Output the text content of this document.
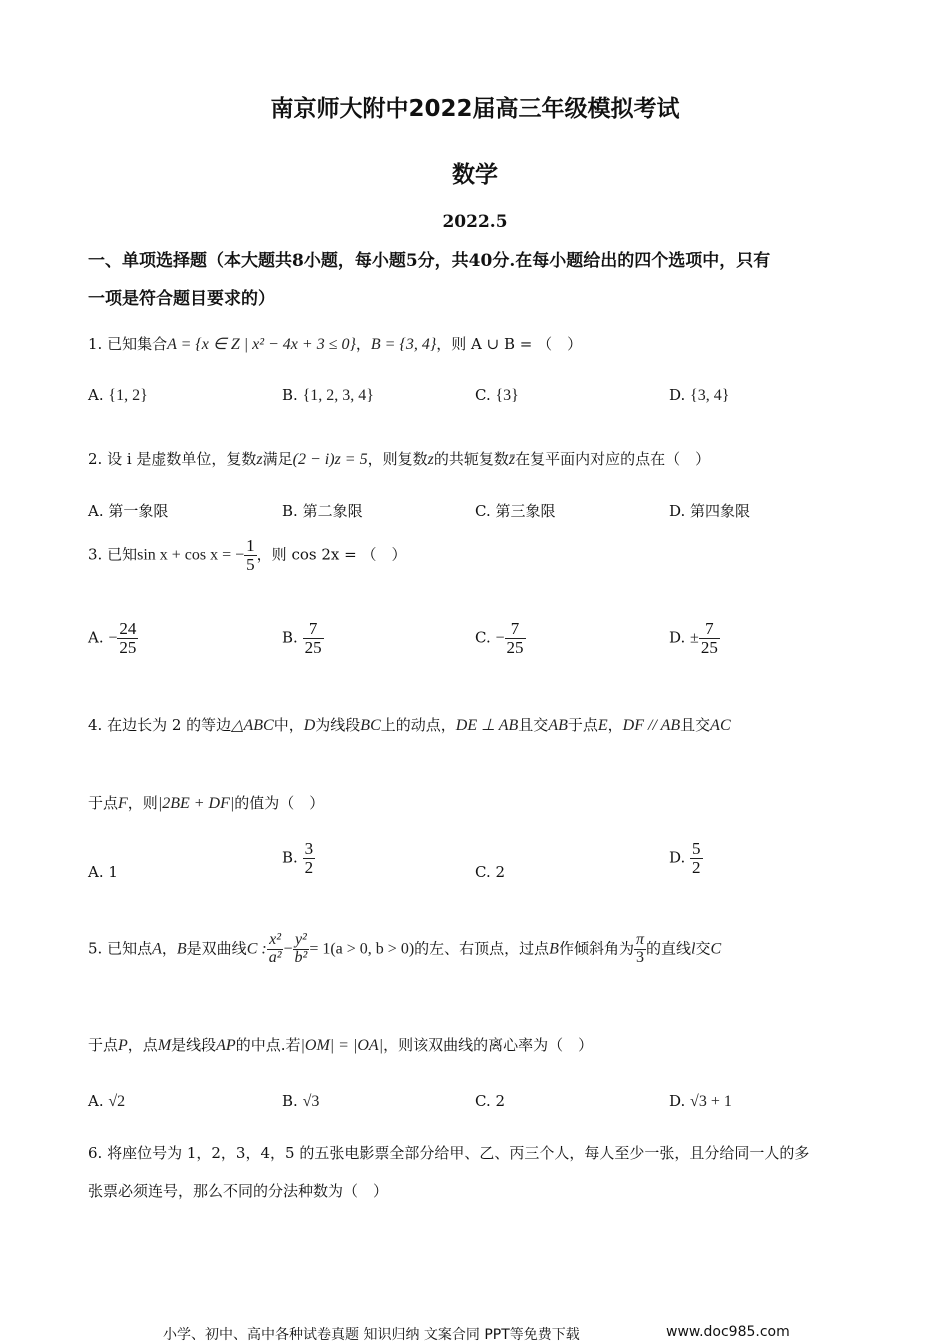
南京师大附中2022届高三年级模拟考试
数学
2022.5
一、单项选择题（本大题共8小题，每小题5分，共40分.在每小题给出的四个选项中，只有
一项是符合题目要求的）
1. 已知集合A = {x ∈ Z | x² − 4x + 3 ≤ 0}，B = {3, 4}，则 A ∪ B = （　）
A. {1, 2}	B. {1, 2, 3, 4}	C. {3}	D. {3, 4}
2. 设 i 是虚数单位，复数z满足(2 − i)z = 5，则复数z的共轭复数z̄在复平面内对应的点在（　）
A. 第一象限	B. 第二象限	C. 第三象限	D. 第四象限
3. 已知sin x + cos x = − $\frac{1}{5}$ ，则 cos 2x = （　）
A. − $\frac{24}{25}$	B. $\frac{7}{25}$	C. − $\frac{7}{25}$	D. ± $\frac{7}{25}$
4. 在边长为 2 的等边△ABC中，D为线段BC上的动点，DE ⊥ AB且交AB于点E，DF // AB且交AC
于点F，则|2BE + DF|的值为（　）
A. 1
B. $\frac{3}{2}$	C. 2
D. $\frac{5}{2}$
5. 已知点A，B是双曲线C : $\frac{\text{x²}}{\text{a²}} - \frac{\text{y²}}{\text{b²}} = 1(a > 0$, b > 0)的左、右顶点，过点B作倾斜角为 $\frac{\pi}{3}$ 的直线l交C
于点P，点M是线段AP的中点.若|OM| = |OA|，则该双曲线的离心率为（　）
A. √2	B. √3	C. 2	D. √3 + 1
6. 将座位号为 1，2，3，4，5 的五张电影票全部分给甲、乙、丙三个人，每人至少一张，且分给同一人的多
张票必须连号，那么不同的分法种数为（　）
小学、初中、高中各种试卷真题 知识归纳 文案合同 PPT等免费下载	www.doc985.com
